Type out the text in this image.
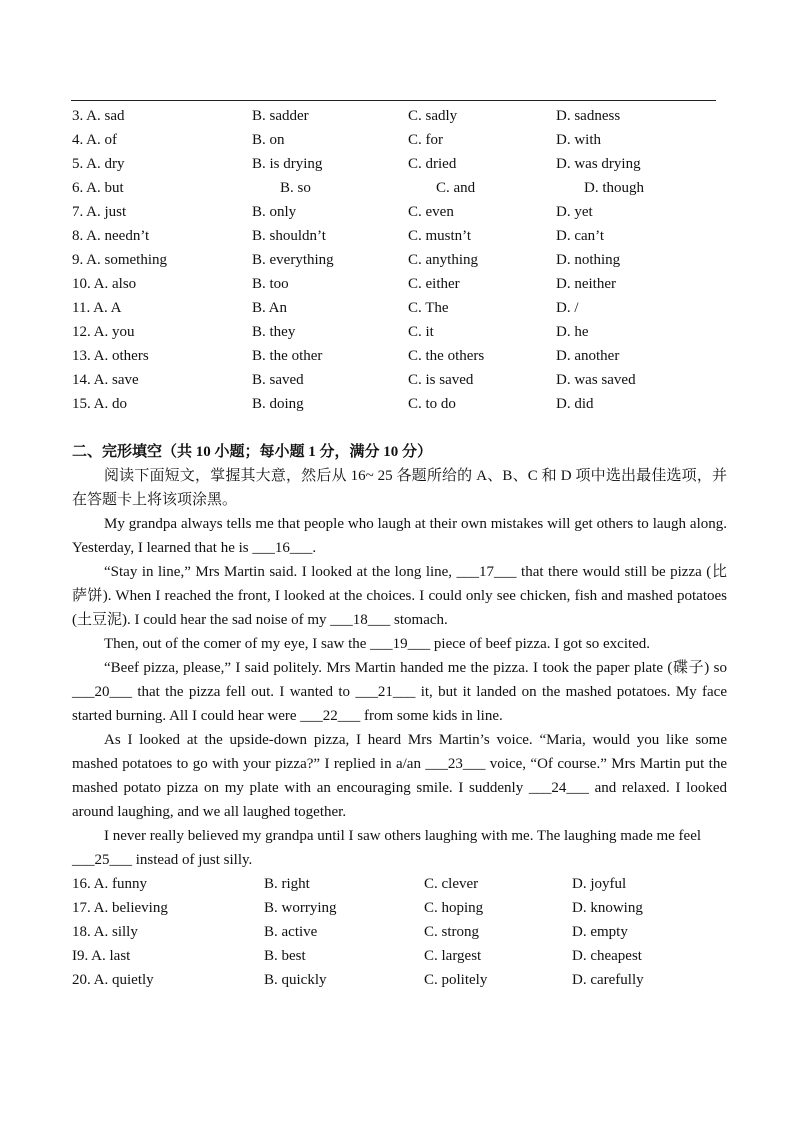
3. A. sad	B. sadder	C. sadly	D. sadness
4. A. of	B. on	C. for	D. with
5. A. dry	B. is drying	C. dried	D. was drying
6. A. but	B. so	C. and	D. though
7. A. just	B. only	C. even	D. yet
8. A. needn’t	B. shouldn’t	C. mustn’t	D. can’t
9. A. something	B. everything	C. anything	D. nothing
10. A. also	B. too	C. either	D. neither
11. A. A	B. An	C. The	D. /
12. A. you	B. they	C. it	D. he
13. A. others	B. the other	C. the others	D. another
14. A. save	B. saved	C. is saved	D. was saved
15. A. do	B. doing	C. to do	D. did
二、完形填空（共 10 小题；每小题 1 分，满分 10 分）

阅读下面短文，掌握其大意，然后从 16~ 25 各题所给的 A、B、C 和 D 项中选出最佳选项，并在答题卡上将该项涂黑。

My grandpa always tells me that people who laugh at their own mistakes will get others to laugh along. Yesterday, I learned that he is ___16___.

“Stay in line,” Mrs Martin said. I looked at the long line, ___17___ that there would still be pizza (比萨饼). When I reached the front, I looked at the choices. I could only see chicken, fish and mashed potatoes (土豆泥). I could hear the sad noise of my ___18___ stomach.

Then, out of the comer of my eye, I saw the ___19___ piece of beef pizza. I got so excited.

“Beef pizza, please,” I said politely. Mrs Martin handed me the pizza. I took the paper plate (碟子) so ___20___ that the pizza fell out. I wanted to ___21___ it, but it landed on the mashed potatoes. My face started burning. All I could hear were ___22___ from some kids in line.

As I looked at the upside-down pizza, I heard Mrs Martin’s voice. “Maria, would you like some mashed potatoes to go with your pizza?” I replied in a/an ___23___ voice, “Of course.” Mrs Martin put the mashed potato pizza on my plate with an encouraging smile. I suddenly ___24___ and relaxed. I looked around laughing, and we all laughed together.

I never really believed my grandpa until I saw others laughing with me. The laughing made me feel ___25___ instead of just silly.

16. A. funny	B. right	C. clever	D. joyful
17. A. believing	B. worrying	C. hoping	D. knowing
18. A. silly	B. active	C. strong	D. empty
I9. A. last	B. best	C. largest	D. cheapest
20. A. quietly	B. quickly	C. politely	D. carefully
